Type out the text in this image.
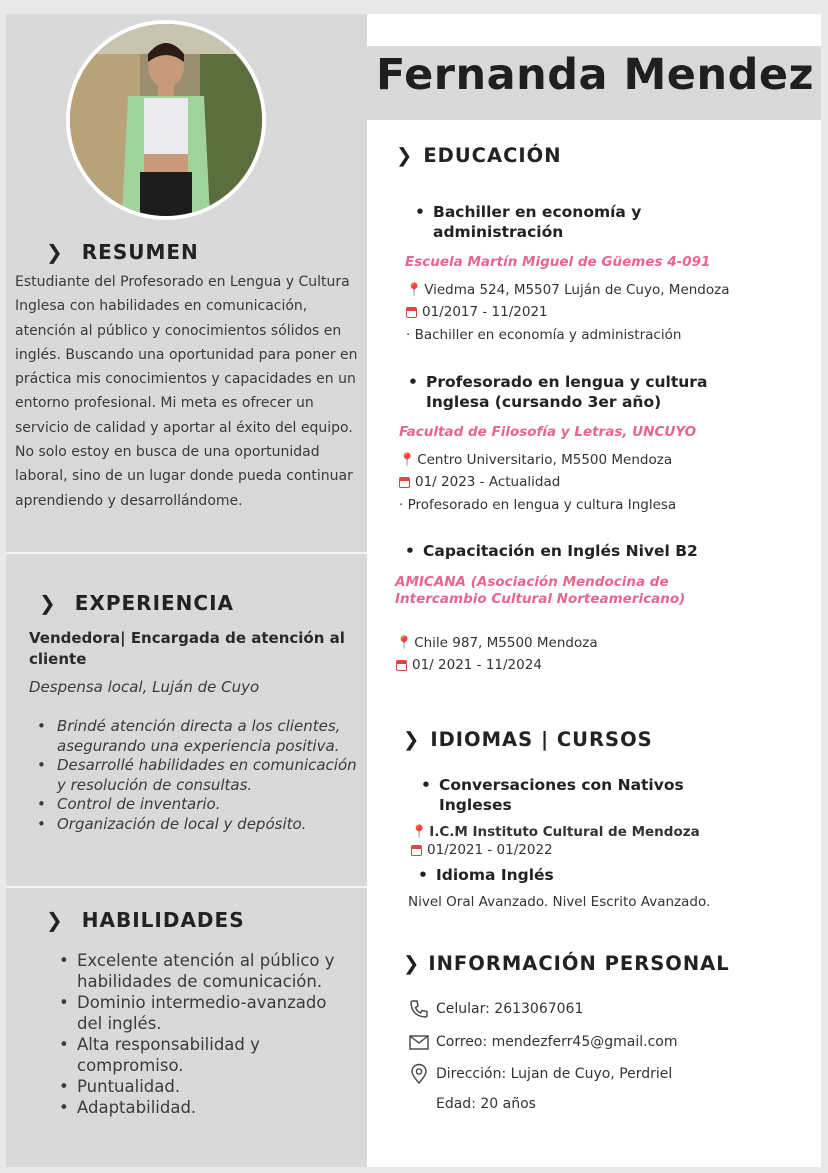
❯ RESUMEN

Estudiante del Profesorado en Lengua y Cultura Inglesa con habilidades en comunicación, atención al público y conocimientos sólidos en inglés. Buscando una oportunidad para poner en práctica mis conocimientos y capacidades en un entorno profesional. Mi meta es ofrecer un servicio de calidad y aportar al éxito del equipo. No solo estoy en busca de una oportunidad laboral, sino de un lugar donde pueda continuar aprendiendo y desarrollándome.

❯ EXPERIENCIA
Vendedora| Encargada de atención al cliente
Despensa local, Luján de Cuyo
• Brindé atención directa a los clientes, asegurando una experiencia positiva.
• Desarrollé habilidades en comunicación y resolución de consultas.
• Control de inventario.
• Organización de local y depósito.
❯ HABILIDADES
• Excelente atención al público y habilidades de comunicación.
• Dominio intermedio-avanzado del inglés.
• Alta responsabilidad y compromiso.
• Puntualidad.
• Adaptabilidad.
Fernanda Mendez
❯ EDUCACIÓN
• Bachiller en economía y administración
Escuela Martín Miguel de Güemes 4-091
📍 Viedma 524, M5507 Luján de Cuyo, Mendoza
01/2017 - 11/2021
· Bachiller en economía y administración
• Profesorado en lengua y cultura Inglesa (cursando 3er año)
Facultad de Filosofía y Letras, UNCUYO
📍 Centro Universitario, M5500 Mendoza
01/ 2023 - Actualidad
· Profesorado en lengua y cultura Inglesa
• Capacitación en Inglés Nivel B2
AMICANA (Asociación Mendocina de Intercambio Cultural Norteamericano)
📍 Chile 987, M5500 Mendoza
01/ 2021 - 11/2024
❯ IDIOMAS | CURSOS
• Conversaciones con Nativos Ingleses
📍 I.C.M Instituto Cultural de Mendoza
01/2021 - 01/2022
• Idioma Inglés
Nivel Oral Avanzado. Nivel Escrito Avanzado.
❯ INFORMACIÓN PERSONAL
Celular: 2613067061
Correo: mendezferr45@gmail.com
Dirección: Lujan de Cuyo, Perdriel
Edad: 20 años
